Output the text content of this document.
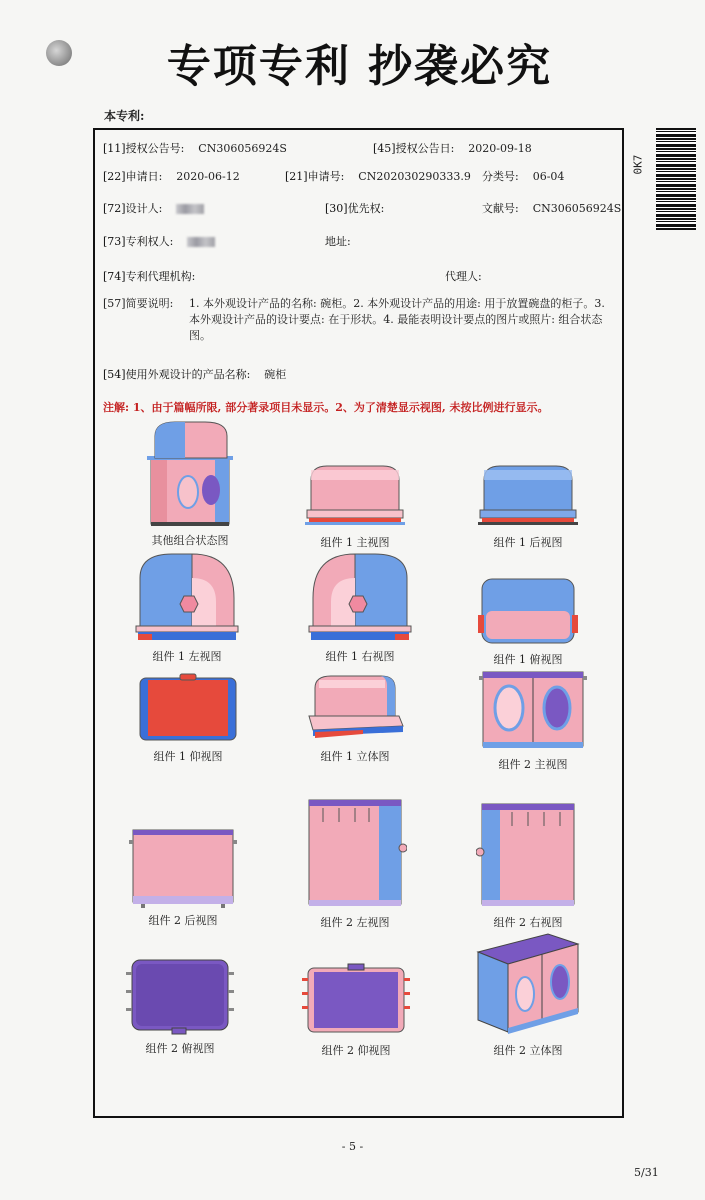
专项专利 抄袭必究
本专利:
0K7
[11]授权公告号: CN306056924S	[45]授权公告日: 2020-09-18
[22]申请日: 2020-06-12	[21]申请号: CN202030290333.9 分类号: 06-04
[72]设计人:	[30]优先权:	文献号: CN306056924S
[73]专利权人:	地址:
[74]专利代理机构:	代理人:
[57]简要说明: 1. 本外观设计产品的名称: 碗柜。2. 本外观设计产品的用途: 用于放置碗盘的柜子。3. 本外观设计产品的设计要点: 在于形状。4. 最能表明设计要点的图片或照片: 组合状态图。
[54]使用外观设计的产品名称: 碗柜
注解: 1、由于篇幅所限, 部分著录项目未显示。2、为了清楚显示视图, 未按比例进行显示。
其他组合状态图	组件 1 主视图	组件 1 后视图
组件 1 左视图	组件 1 右视图	组件 1 俯视图
组件 1 仰视图	组件 1 立体图
组件 2 主视图
组件 2 后视图	组件 2 左视图	组件 2 右视图
组件 2 俯视图	组件 2 仰视图	组件 2 立体图
- 5 -
5/31
